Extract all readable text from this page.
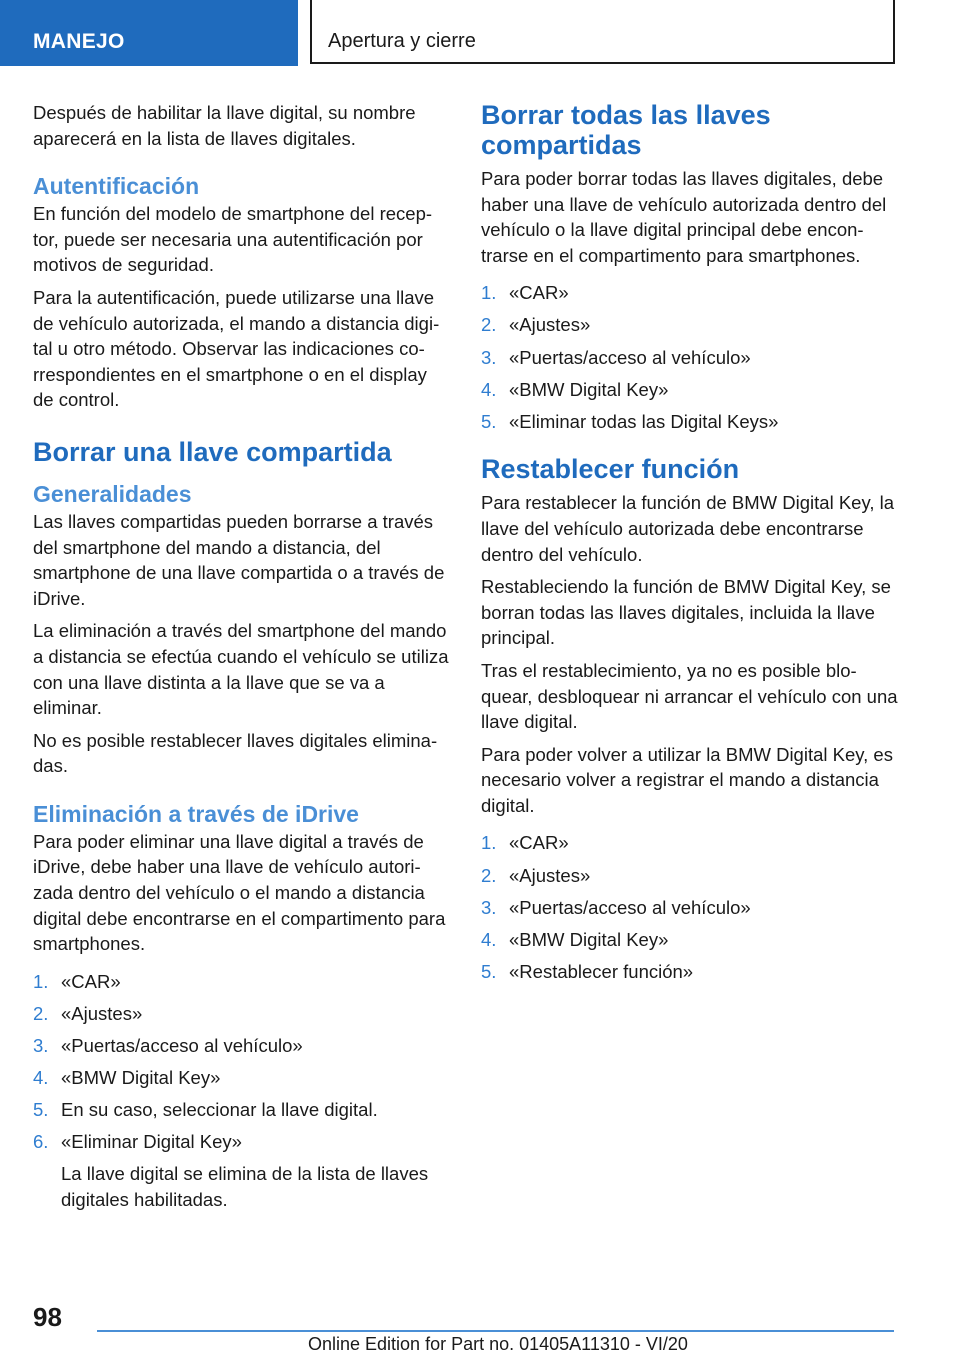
MANEJO	Apertura y cierre

Después de habilitar la llave digital, su nombre aparecerá en la lista de llaves digitales.

Autentificación

En función del modelo de smartphone del receptor, puede ser necesaria una autentificación por motivos de seguridad.

Para la autentificación, puede utilizarse una llave de vehículo autorizada, el mando a distancia digital u otro método. Observar las indicaciones correspondientes en el smartphone o en el display de control.

Borrar una llave compartida
Generalidades

Las llaves compartidas pueden borrarse a través del smartphone del mando a distancia, del smartphone de una llave compartida o a través de iDrive.

La eliminación a través del smartphone del mando a distancia se efectúa cuando el vehículo se utiliza con una llave distinta a la llave que se va a eliminar.

No es posible restablecer llaves digitales eliminadas.

Eliminación a través de iDrive

Para poder eliminar una llave digital a través de iDrive, debe haber una llave de vehículo autorizada dentro del vehículo o el mando a distancia digital debe encontrarse en el compartimento para smartphones.

1. «CAR»
2. «Ajustes»
3. «Puertas/acceso al vehículo»
4. «BMW Digital Key»
5. En su caso, seleccionar la llave digital.
6. «Eliminar Digital Key»
La llave digital se elimina de la lista de llaves digitales habilitadas.
Borrar todas las llaves compartidas

Para poder borrar todas las llaves digitales, debe haber una llave de vehículo autorizada dentro del vehículo o la llave digital principal debe encontrarse en el compartimento para smartphones.

1. «CAR»
2. «Ajustes»
3. «Puertas/acceso al vehículo»
4. «BMW Digital Key»
5. «Eliminar todas las Digital Keys»
Restablecer función

Para restablecer la función de BMW Digital Key, la llave del vehículo autorizada debe encontrarse dentro del vehículo.

Restableciendo la función de BMW Digital Key, se borran todas las llaves digitales, incluida la llave principal.

Tras el restablecimiento, ya no es posible bloquear, desbloquear ni arrancar el vehículo con una llave digital.

Para poder volver a utilizar la BMW Digital Key, es necesario volver a registrar el mando a distancia digital.

1. «CAR»
2. «Ajustes»
3. «Puertas/acceso al vehículo»
4. «BMW Digital Key»
5. «Restablecer función»
98
Online Edition for Part no. 01405A11310 - VI/20
